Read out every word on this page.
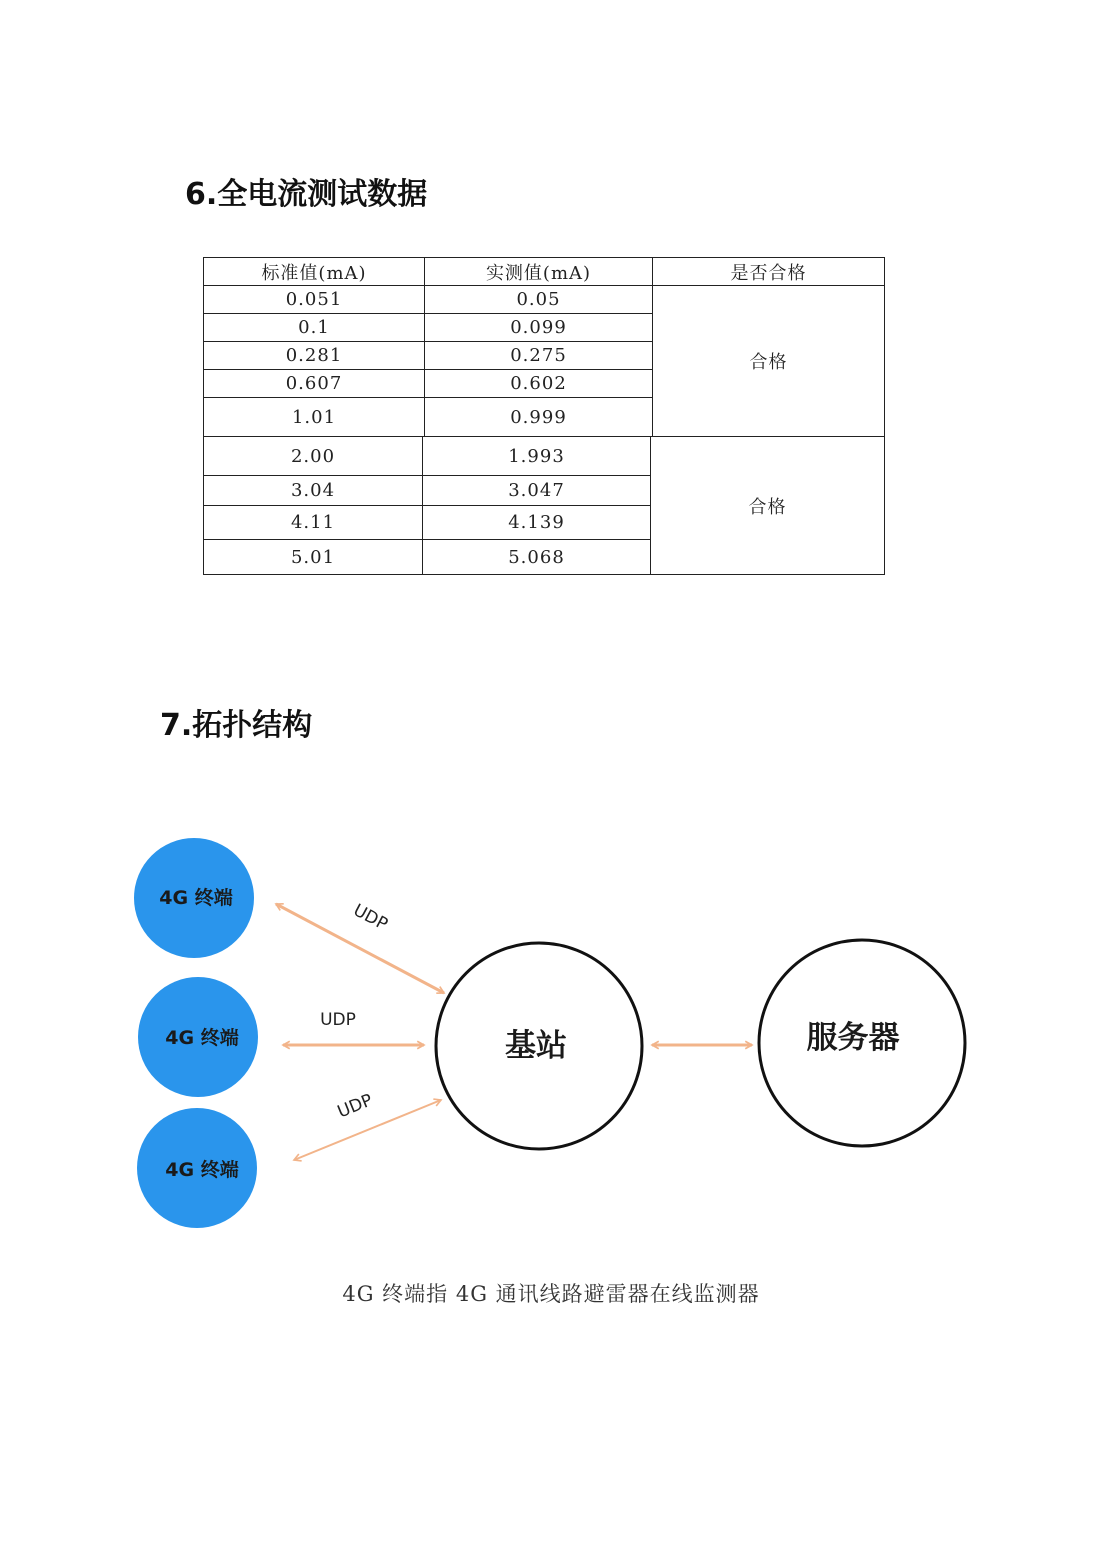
6.全电流测试数据
标准值(mA)	实测值(mA)	是否合格
0.051	0.05	合格
0.1	0.099	
0.281	0.275	
0.607	0.602	
1.01	0.999	
2.00	1.993	合格
3.04	3.047	
4.11	4.139	
5.01	5.068	
7.拓扑结构
4G 终端
4G 终端
4G 终端
UDP
UDP
UDP
基站	服务器

4G 终端指 4G 通讯线路避雷器在线监测器
